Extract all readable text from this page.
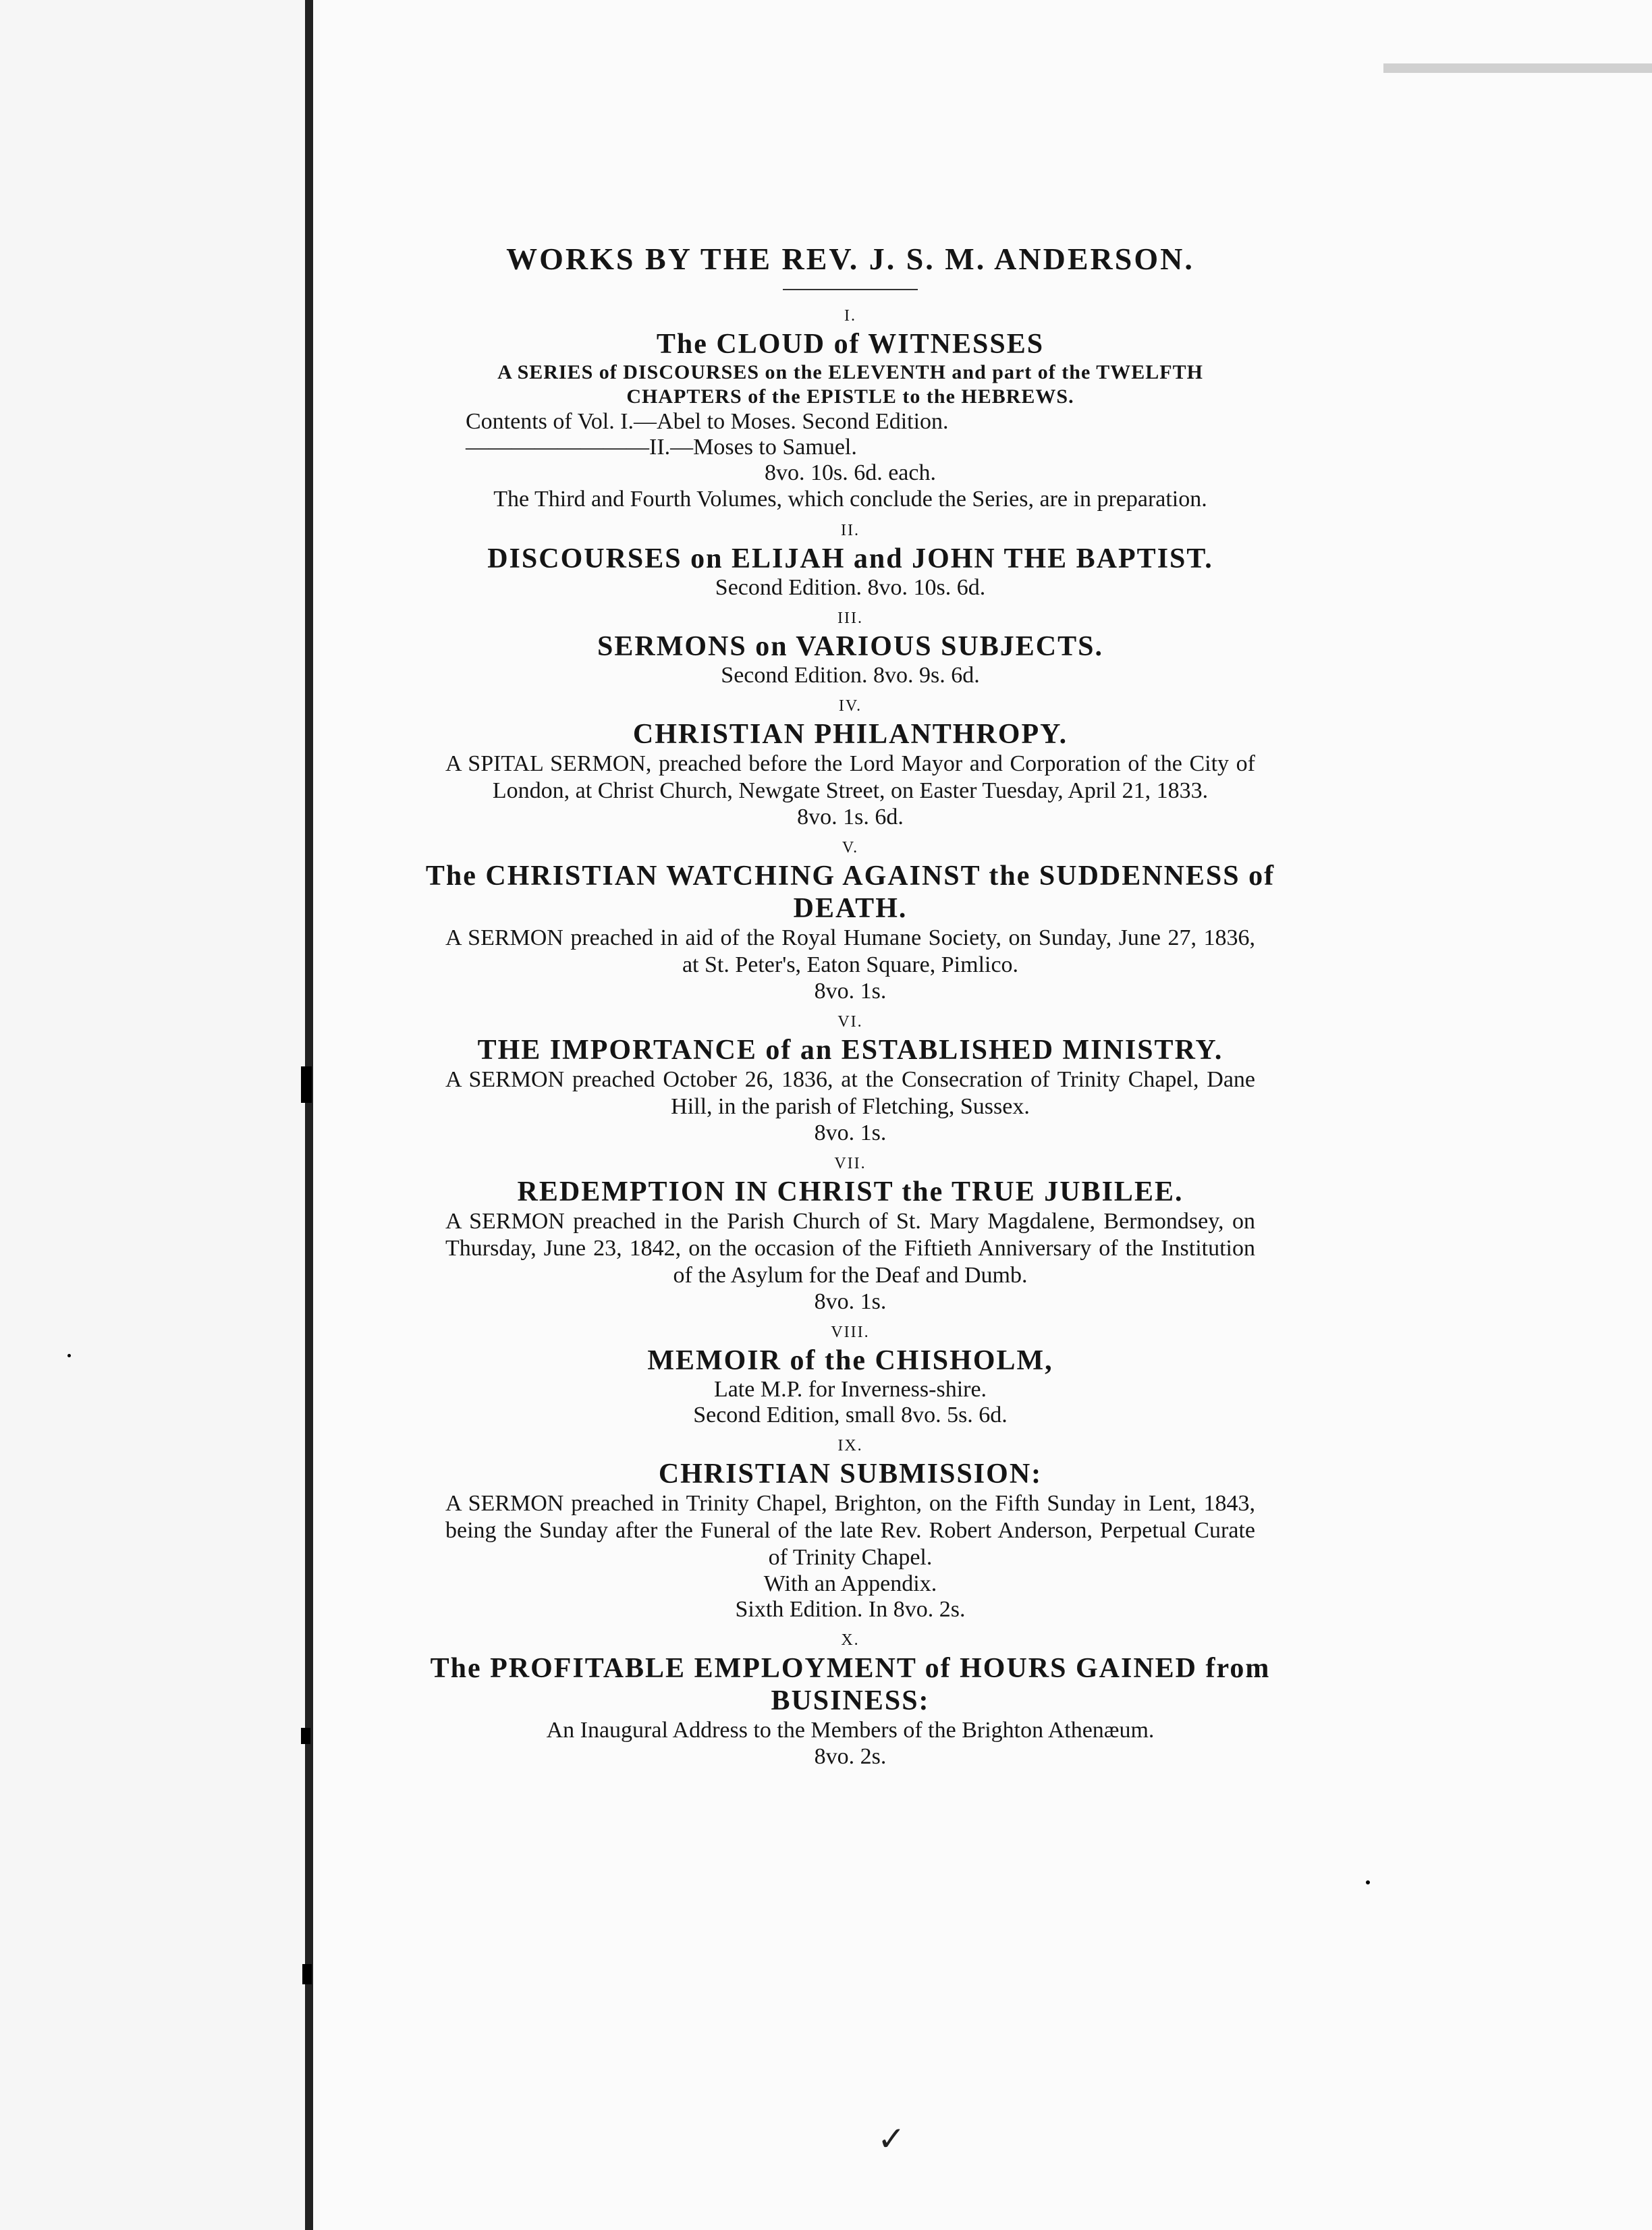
✓

WORKS BY THE REV. J. S. M. ANDERSON.

I.

The CLOUD of WITNESSES

A SERIES of DISCOURSES on the ELEVENTH and part of the TWELFTH

CHAPTERS of the EPISTLE to the HEBREWS.

Contents of Vol. I.—Abel to Moses. Second Edition.

————————II.—Moses to Samuel.

8vo. 10s. 6d. each.

The Third and Fourth Volumes, which conclude the Series, are in preparation.

II.

DISCOURSES on ELIJAH and JOHN THE BAPTIST.

Second Edition. 8vo. 10s. 6d.

III.

SERMONS on VARIOUS SUBJECTS.

Second Edition. 8vo. 9s. 6d.

IV.

CHRISTIAN PHILANTHROPY.

A SPITAL SERMON, preached before the Lord Mayor and Corporation of the City of London, at Christ Church, Newgate Street, on Easter Tuesday, April 21, 1833.

8vo. 1s. 6d.

V.

The CHRISTIAN WATCHING AGAINST the SUDDENNESS of DEATH.

A SERMON preached in aid of the Royal Humane Society, on Sunday, June 27, 1836, at St. Peter's, Eaton Square, Pimlico.

8vo. 1s.

VI.

THE IMPORTANCE of an ESTABLISHED MINISTRY.

A SERMON preached October 26, 1836, at the Consecration of Trinity Chapel, Dane Hill, in the parish of Fletching, Sussex.

8vo. 1s.

VII.

REDEMPTION IN CHRIST the TRUE JUBILEE.

A SERMON preached in the Parish Church of St. Mary Magdalene, Bermondsey, on Thursday, June 23, 1842, on the occasion of the Fiftieth Anniversary of the Institution of the Asylum for the Deaf and Dumb.

8vo. 1s.

VIII.

MEMOIR of the CHISHOLM,

Late M.P. for Inverness-shire.

Second Edition, small 8vo. 5s. 6d.

IX.

CHRISTIAN SUBMISSION:

A SERMON preached in Trinity Chapel, Brighton, on the Fifth Sunday in Lent, 1843, being the Sunday after the Funeral of the late Rev. Robert Anderson, Perpetual Curate of Trinity Chapel.

With an Appendix.

Sixth Edition. In 8vo. 2s.

X.

The PROFITABLE EMPLOYMENT of HOURS GAINED from BUSINESS:

An Inaugural Address to the Members of the Brighton Athenæum.

8vo. 2s.
